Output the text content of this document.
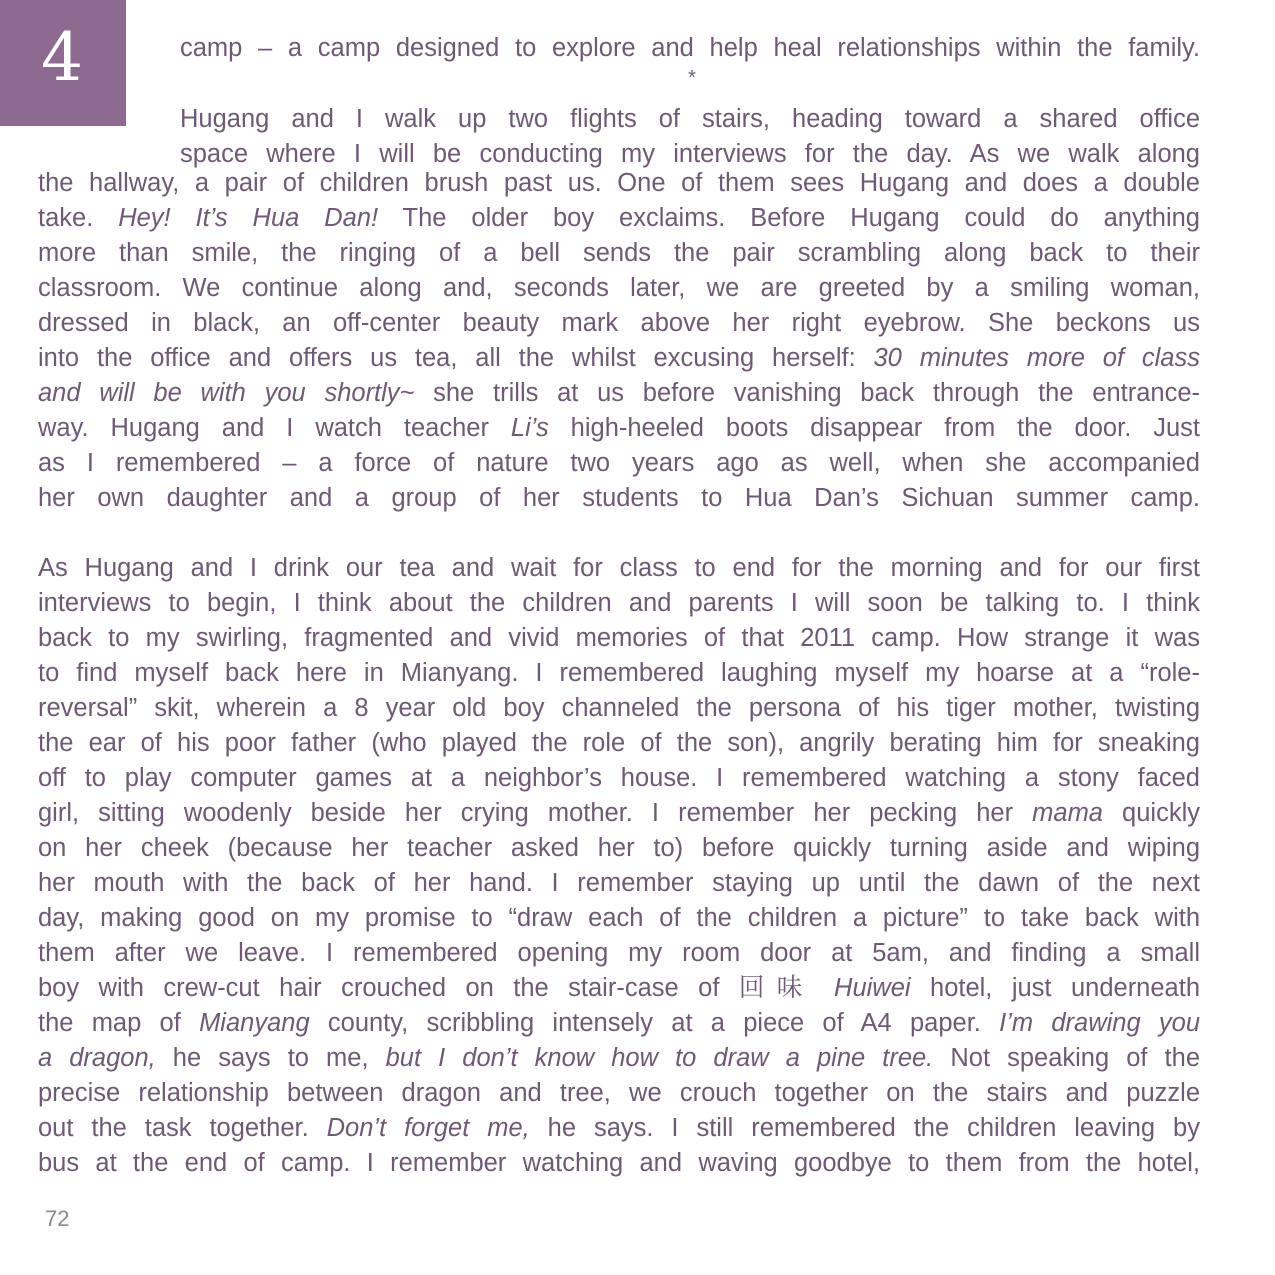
4	*

camp – a camp designed to explore and help heal relationships within the family.

Hugang and I walk up two flights of stairs, heading toward a shared office

space where I will be conducting my interviews for the day. As we walk along

the hallway, a pair of children brush past us. One of them sees Hugang and does a double

take. Hey! It’s Hua Dan! The older boy exclaims. Before Hugang could do anything

more than smile, the ringing of a bell sends the pair scrambling along back to their

classroom. We continue along and, seconds later, we are greeted by a smiling woman,

dressed in black, an off-center beauty mark above her right eyebrow. She beckons us

into the office and offers us tea, all the whilst excusing herself: 30 minutes more of class

and will be with you shortly~ she trills at us before vanishing back through the entrance-

way. Hugang and I watch teacher Li’s high-heeled boots disappear from the door. Just

as I remembered – a force of nature two years ago as well, when she accompanied

her own daughter and a group of her students to Hua Dan’s Sichuan summer camp.

As Hugang and I drink our tea and wait for class to end for the morning and for our first

interviews to begin, I think about the children and parents I will soon be talking to. I think

back to my swirling, fragmented and vivid memories of that 2011 camp. How strange it was

to find myself back here in Mianyang. I remembered laughing myself my hoarse at a “role-

reversal” skit, wherein a 8 year old boy channeled the persona of his tiger mother, twisting

the ear of his poor father (who played the role of the son), angrily berating him for sneaking

off to play computer games at a neighbor’s house. I remembered watching a stony faced

girl, sitting woodenly beside her crying mother. I remember her pecking her mama quickly

on her cheek (because her teacher asked her to) before quickly turning aside and wiping

her mouth with the back of her hand. I remember staying up until the dawn of the next

day, making good on my promise to “draw each of the children a picture” to take back with

them after we leave. I remembered opening my room door at 5am, and finding a small

boy with crew-cut hair crouched on the stair-case of 回味 Huiwei hotel, just underneath

the map of Mianyang county, scribbling intensely at a piece of A4 paper. I’m drawing you

a dragon, he says to me, but I don’t know how to draw a pine tree. Not speaking of the

precise relationship between dragon and tree, we crouch together on the stairs and puzzle

out the task together. Don’t forget me, he says. I still remembered the children leaving by

bus at the end of camp. I remember watching and waving goodbye to them from the hotel,

72
